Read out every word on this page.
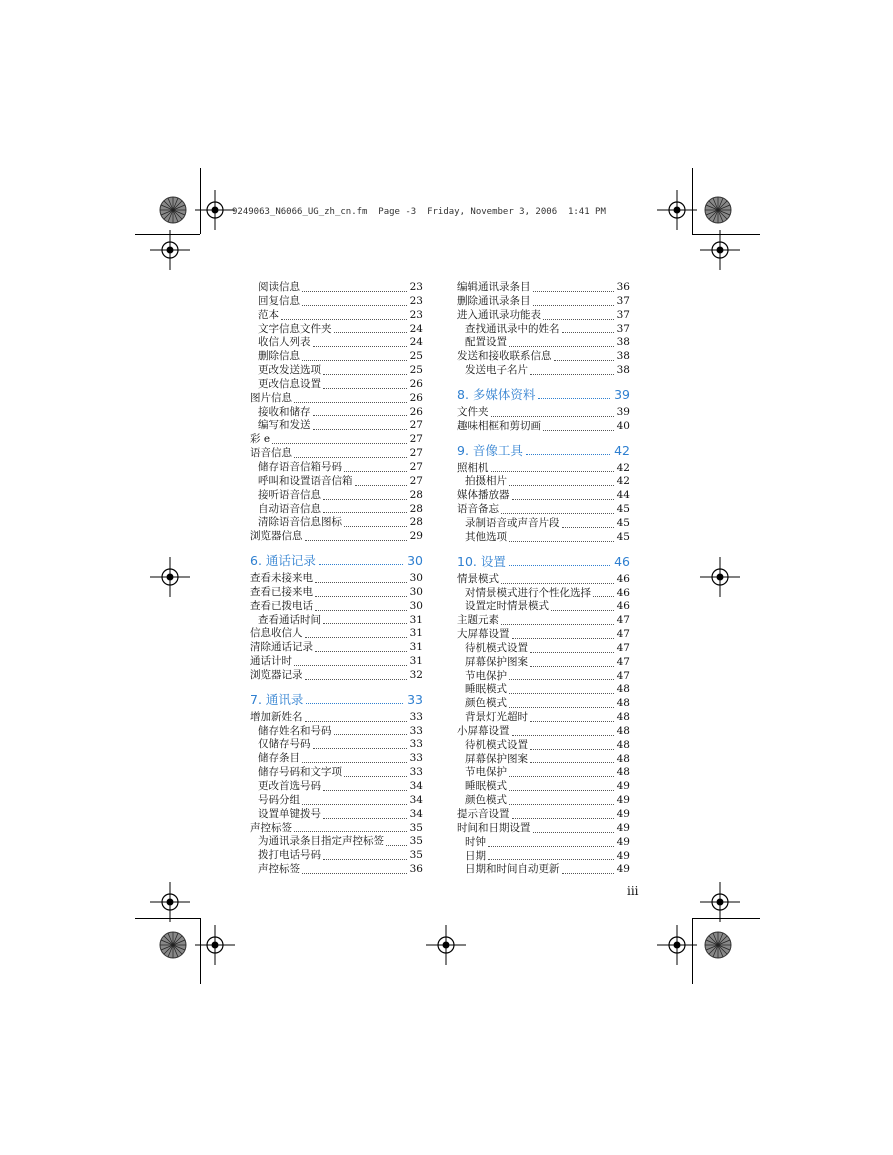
9249063_N6066_UG_zh_cn.fm  Page -3  Friday, November 3, 2006  1:41 PM
阅读信息	23
回复信息	23
范本	23
文字信息文件夹	24
收信人列表	24
删除信息	25
更改发送选项	25
更改信息设置	26
图片信息	26
接收和储存	26
编写和发送	27
彩 e	27
语音信息	27
储存语音信箱号码	27
呼叫和设置语音信箱	27
接听语音信息	28
自动语音信息	28
清除语音信息图标	28
浏览器信息	29
6. 通话记录	30
查看未接来电	30
查看已接来电	30
查看已拨电话	30
查看通话时间	31
信息收信人	31
清除通话记录	31
通话计时	31
浏览器记录	32
7. 通讯录	33
增加新姓名	33
储存姓名和号码	33
仅储存号码	33
储存条目	33
储存号码和文字项	33
更改首选号码	34
号码分组	34
设置单键拨号	34
声控标签	35
为通讯录条目指定声控标签 35
拨打电话号码	35
声控标签	36
编辑通讯录条目	36
删除通讯录条目	37
进入通讯录功能表	37
查找通讯录中的姓名	37
配置设置	38
发送和接收联系信息	38
发送电子名片	38
8. 多媒体资料	39
文件夹	39
趣味相框和剪切画	40
9. 音像工具	42
照相机	42
拍摄相片	42
媒体播放器	44
语音备忘	45
录制语音或声音片段	45
其他选项	45
10. 设置	46
情景模式	46
对情景模式进行个性化选择 46
设置定时情景模式	46
主题元素	47
大屏幕设置	47
待机模式设置	47
屏幕保护图案	47
节电保护	47
睡眠模式	48
颜色模式	48
背景灯光超时	48
小屏幕设置	48
待机模式设置	48
屏幕保护图案	48
节电保护	48
睡眠模式	49
颜色模式	49
提示音设置	49
时间和日期设置	49
时钟	49
日期	49
日期和时间自动更新	49
iii
